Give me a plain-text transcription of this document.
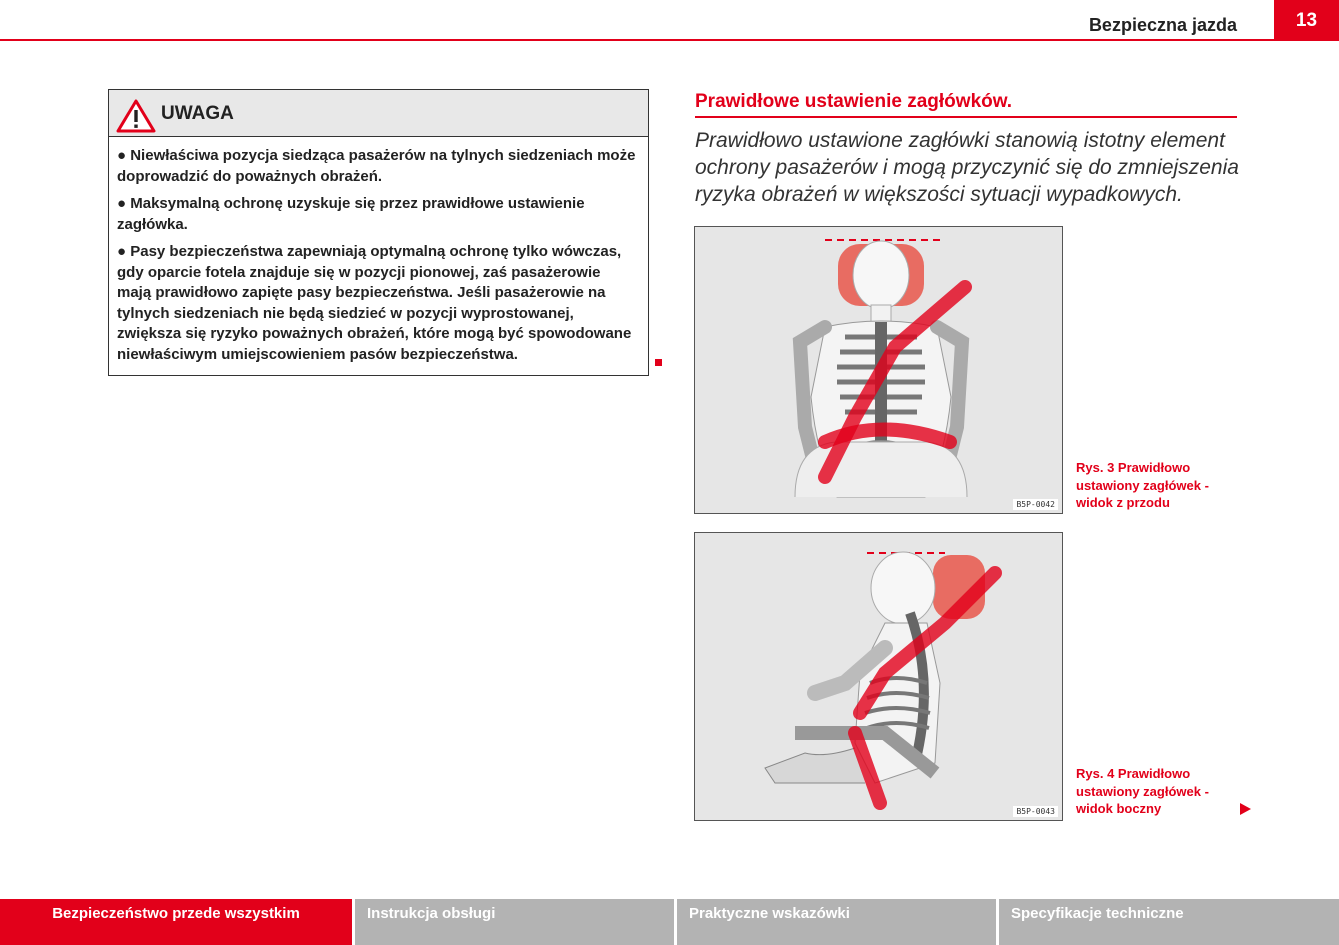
Bezpieczna jazda	13
UWAGA

● Niewłaściwa pozycja siedząca pasażerów na tylnych siedzeniach może doprowadzić do poważnych obrażeń.

● Maksymalną ochronę uzyskuje się przez prawidłowe ustawienie zagłówka.

● Pasy bezpieczeństwa zapewniają optymalną ochronę tylko wówczas, gdy oparcie fotela znajduje się w pozycji pionowej, zaś pasażerowie mają prawidłowo zapięte pasy bezpieczeństwa. Jeśli pasażerowie na tylnych siedzeniach nie będą siedzieć w pozycji wyprostowanej, zwiększa się ryzyko poważnych obrażeń, które mogą być spowodowane niewłaściwym umiejscowieniem pasów bezpieczeństwa.

Prawidłowe ustawienie zagłówków.
Prawidłowo ustawione zagłówki stanowią istotny element ochrony pasażerów i mogą przyczynić się do zmniejszenia ryzyka obrażeń w większości sytuacji wypadkowych.
B5P-0042
Rys. 3 Prawidłowo ustawiony zagłówek - widok z przodu
B5P-0043
Rys. 4 Prawidłowo ustawiony zagłówek - widok boczny
Bezpieczeństwo przede wszystkim	Instrukcja obsługi	Praktyczne wskazówki	Specyfikacje techniczne
